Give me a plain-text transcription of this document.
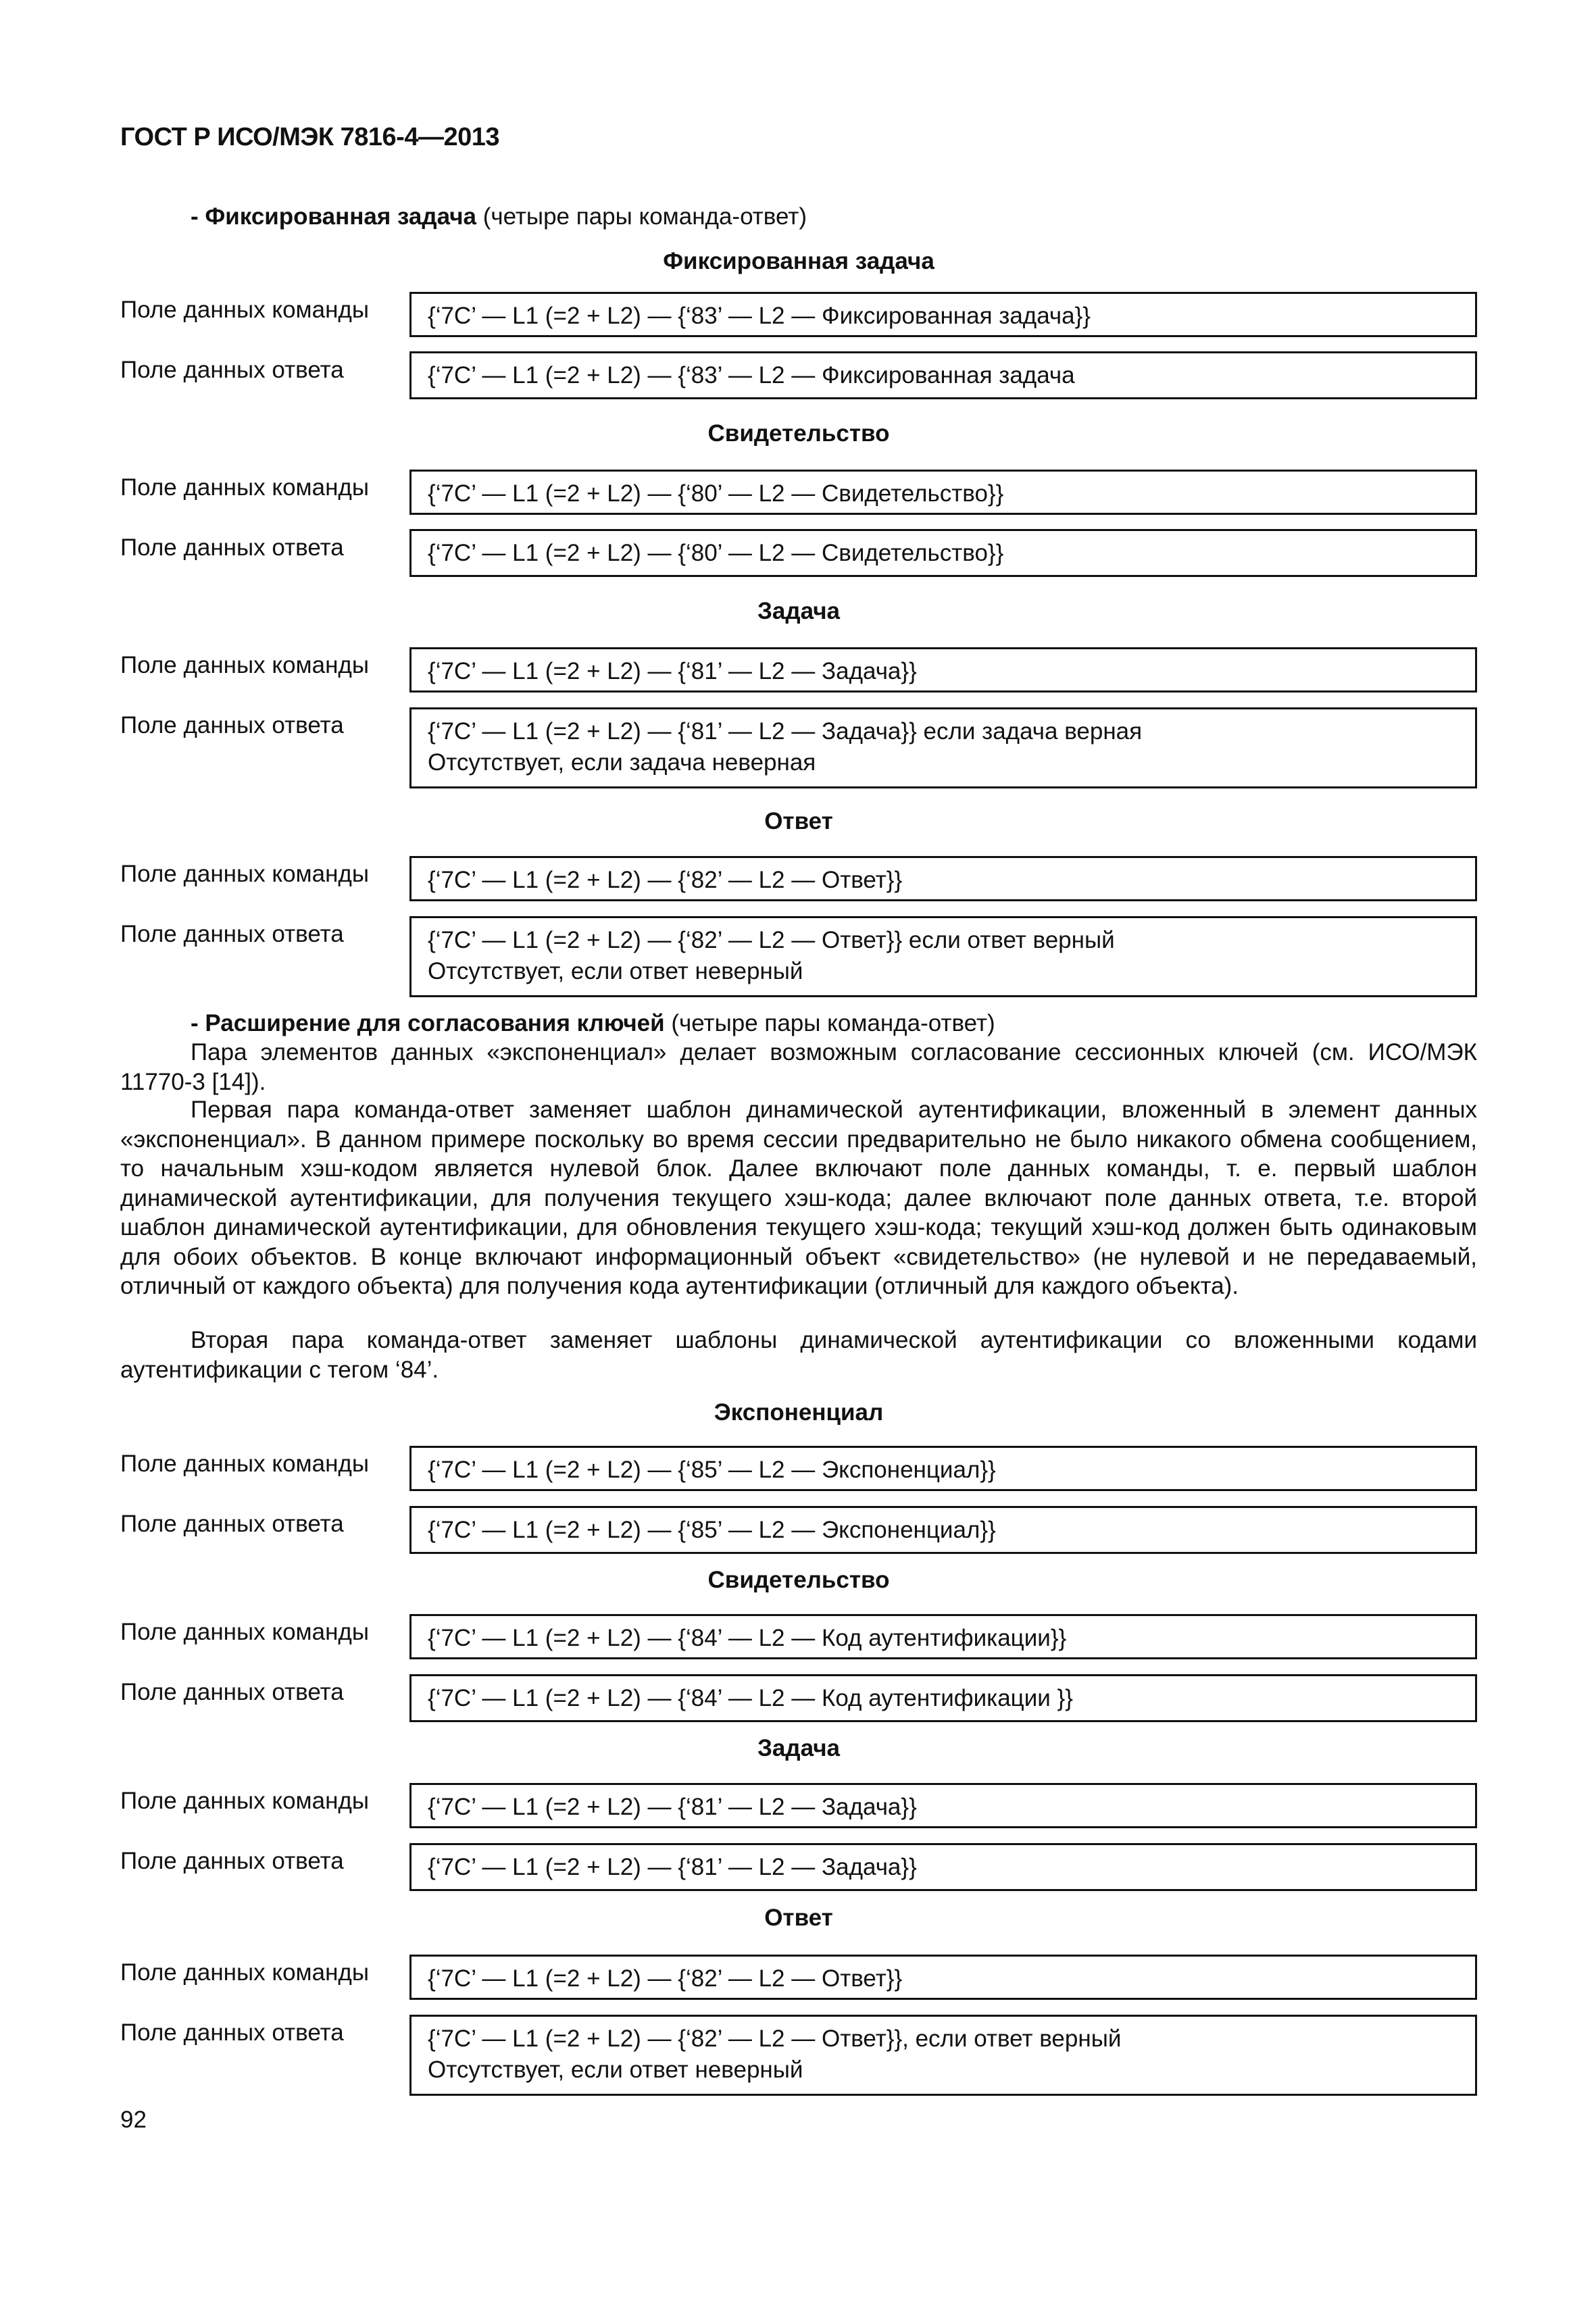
ГОСТ Р ИСО/МЭК 7816-4—2013
- Фиксированная задача (четыре пары команда-ответ)
Фиксированная задача
Поле данных команды {‘7C’ — L1 (=2 + L2) — {‘83’ — L2 — Фиксированная задача}}
Поле данных ответа	{‘7C’ — L1 (=2 + L2) — {‘83’ — L2 — Фиксированная задача
Свидетельство
Поле данных команды {‘7C’ — L1 (=2 + L2) — {‘80’ — L2 — Свидетельство}}
Поле данных ответа	{‘7C’ — L1 (=2 + L2) — {‘80’ — L2 — Свидетельство}}
Задача
Поле данных команды {‘7C’ — L1 (=2 + L2) — {‘81’ — L2 — Задача}}
Поле данных ответа	{‘7C’ — L1 (=2 + L2) — {‘81’ — L2 — Задача}} если задача верная
Отсутствует, если задача неверная
Ответ
Поле данных команды {‘7C’ — L1 (=2 + L2) — {‘82’ — L2 — Ответ}}
Поле данных ответа	{‘7C’ — L1 (=2 + L2) — {‘82’ — L2 — Ответ}} если ответ верный
Отсутствует, если ответ неверный
- Расширение для согласования ключей (четыре пары команда-ответ)

Пара элементов данных «экспоненциал» делает возможным согласование сессионных ключей (см. ИСО/МЭК 11770-3 [14]).

Первая пара команда-ответ заменяет шаблон динамической аутентификации, вложенный в элемент данных «экспоненциал». В данном примере поскольку во время сессии предварительно не было никакого обмена сообщением, то начальным хэш-кодом является нулевой блок. Далее включают поле данных команды, т. е. первый шаблон динамической аутентификации, для получения текущего хэш-кода; далее включают поле данных ответа, т.е. второй шаблон динамической аутентификации, для обновления текущего хэш-кода; текущий хэш-код должен быть одинаковым для обоих объектов. В конце включают информационный объект «свидетельство» (не нулевой и не передаваемый, отличный от каждого объекта) для получения кода аутентификации (отличный для каждого объекта).

Вторая пара команда-ответ заменяет шаблоны динамической аутентификации со вложенными кодами аутентификации с тегом ‘84’.

Экспоненциал
Поле данных команды {‘7C’ — L1 (=2 + L2) — {‘85’ — L2 — Экспоненциал}}
Поле данных ответа	{‘7C’ — L1 (=2 + L2) — {‘85’ — L2 — Экспоненциал}}
Свидетельство
Поле данных команды {‘7C’ — L1 (=2 + L2) — {‘84’ — L2 — Код аутентификации}}
Поле данных ответа	{‘7C’ — L1 (=2 + L2) — {‘84’ — L2 — Код аутентификации }}
Задача
Поле данных команды {‘7C’ — L1 (=2 + L2) — {‘81’ — L2 — Задача}}
Поле данных ответа	{‘7C’ — L1 (=2 + L2) — {‘81’ — L2 — Задача}}
Ответ
Поле данных команды {‘7C’ — L1 (=2 + L2) — {‘82’ — L2 — Ответ}}
Поле данных ответа	{‘7C’ — L1 (=2 + L2) — {‘82’ — L2 — Ответ}}, если ответ верный
Отсутствует, если ответ неверный
92
